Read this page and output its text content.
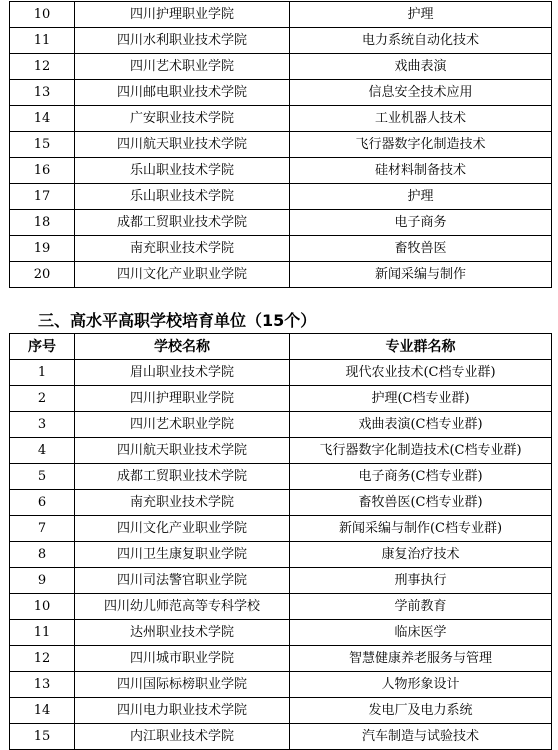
10	四川护理职业学院	护理
11	四川水利职业技术学院	电力系统自动化技术
12	四川艺术职业学院	戏曲表演
13	四川邮电职业技术学院	信息安全技术应用
14	广安职业技术学院	工业机器人技术
15	四川航天职业技术学院	飞行器数字化制造技术
16	乐山职业技术学院	硅材料制备技术
17	乐山职业技术学院	护理
18	成都工贸职业技术学院	电子商务
19	南充职业技术学院	畜牧兽医
20	四川文化产业职业学院	新闻采编与制作
三、高水平高职学校培育单位（15个）
序号	学校名称	专业群名称
1	眉山职业技术学院	现代农业技术(C档专业群)
2	四川护理职业学院	护理(C档专业群)
3	四川艺术职业学院	戏曲表演(C档专业群)
4	四川航天职业技术学院	飞行器数字化制造技术(C档专业群)
5	成都工贸职业技术学院	电子商务(C档专业群)
6	南充职业技术学院	畜牧兽医(C档专业群)
7	四川文化产业职业学院	新闻采编与制作(C档专业群)
8	四川卫生康复职业学院	康复治疗技术
9	四川司法警官职业学院	刑事执行
10	四川幼儿师范高等专科学校	学前教育
11	达州职业技术学院	临床医学
12	四川城市职业学院	智慧健康养老服务与管理
13	四川国际标榜职业学院	人物形象设计
14	四川电力职业技术学院	发电厂及电力系统
15	内江职业技术学院	汽车制造与试验技术
